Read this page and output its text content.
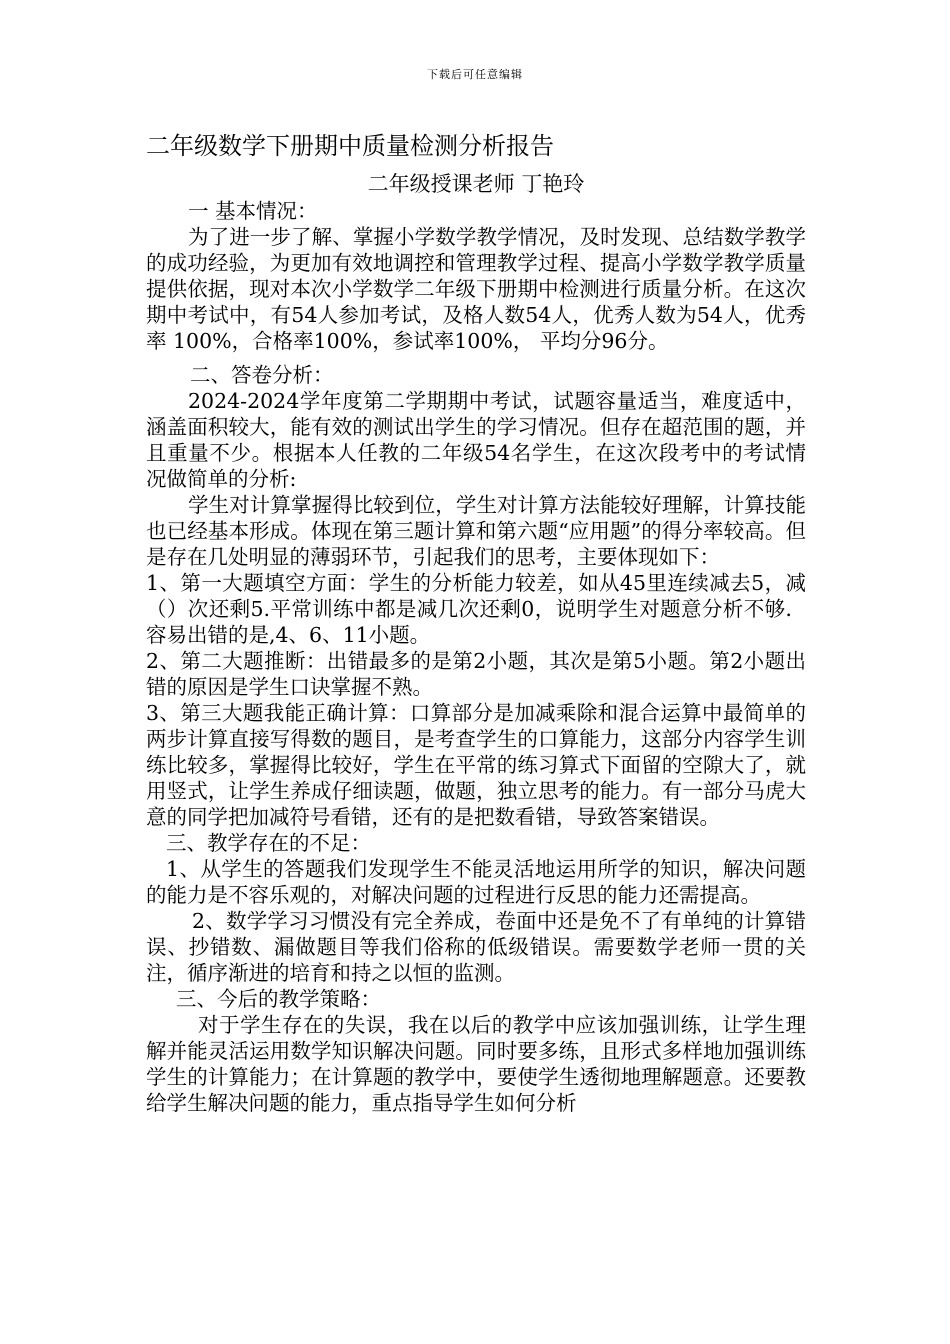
下载后可任意编辑
二年级数学下册期中质量检测分析报告

二年级授课老师 丁艳玲

一 基本情况：

为了进一步了解、掌握小学数学教学情况，及时发现、总结数学教学的成功经验，为更加有效地调控和管理教学过程、提高小学数学教学质量提供依据，现对本次小学数学二年级下册期中检测进行质量分析。在这次期中考试中，有54人参加考试，及格人数54人，优秀人数为54人，优秀率 100%，合格率100%，参试率100%， 平均分96分。

二、答卷分析：

2024-2024学年度第二学期期中考试，试题容量适当，难度适中，涵盖面积较大，能有效的测试出学生的学习情况。但存在超范围的题，并且重量不少。根据本人任教的二年级54名学生，在这次段考中的考试情况做简单的分析:

学生对计算掌握得比较到位，学生对计算方法能较好理解，计算技能也已经基本形成。体现在第三题计算和第六题“应用题”的得分率较高。但是存在几处明显的薄弱环节，引起我们的思考，主要体现如下：

1、第一大题填空方面：学生的分析能力较差，如从45里连续减去5，减（）次还剩5.平常训练中都是减几次还剩0，说明学生对题意分析不够．容易出错的是,4、6、11小题。

2、第二大题推断：出错最多的是第2小题，其次是第5小题。第2小题出错的原因是学生口诀掌握不熟。

3、第三大题我能正确计算：口算部分是加减乘除和混合运算中最简单的两步计算直接写得数的题目，是考查学生的口算能力，这部分内容学生训练比较多，掌握得比较好，学生在平常的练习算式下面留的空隙大了，就用竖式，让学生养成仔细读题，做题，独立思考的能力。有一部分马虎大意的同学把加减符号看错，还有的是把数看错，导致答案错误。

三、教学存在的不足：

1、从学生的答题我们发现学生不能灵活地运用所学的知识，解决问题的能力是不容乐观的，对解决问题的过程进行反思的能力还需提高。

2、数学学习习惯没有完全养成，卷面中还是免不了有单纯的计算错误、抄错数、漏做题目等我们俗称的低级错误。需要数学老师一贯的关注，循序渐进的培育和持之以恒的监测。

三、今后的教学策略：

对于学生存在的失误，我在以后的教学中应该加强训练，让学生理解并能灵活运用数学知识解决问题。同时要多练，且形式多样地加强训练学生的计算能力；在计算题的教学中，要使学生透彻地理解题意。还要教给学生解决问题的能力，重点指导学生如何分析
